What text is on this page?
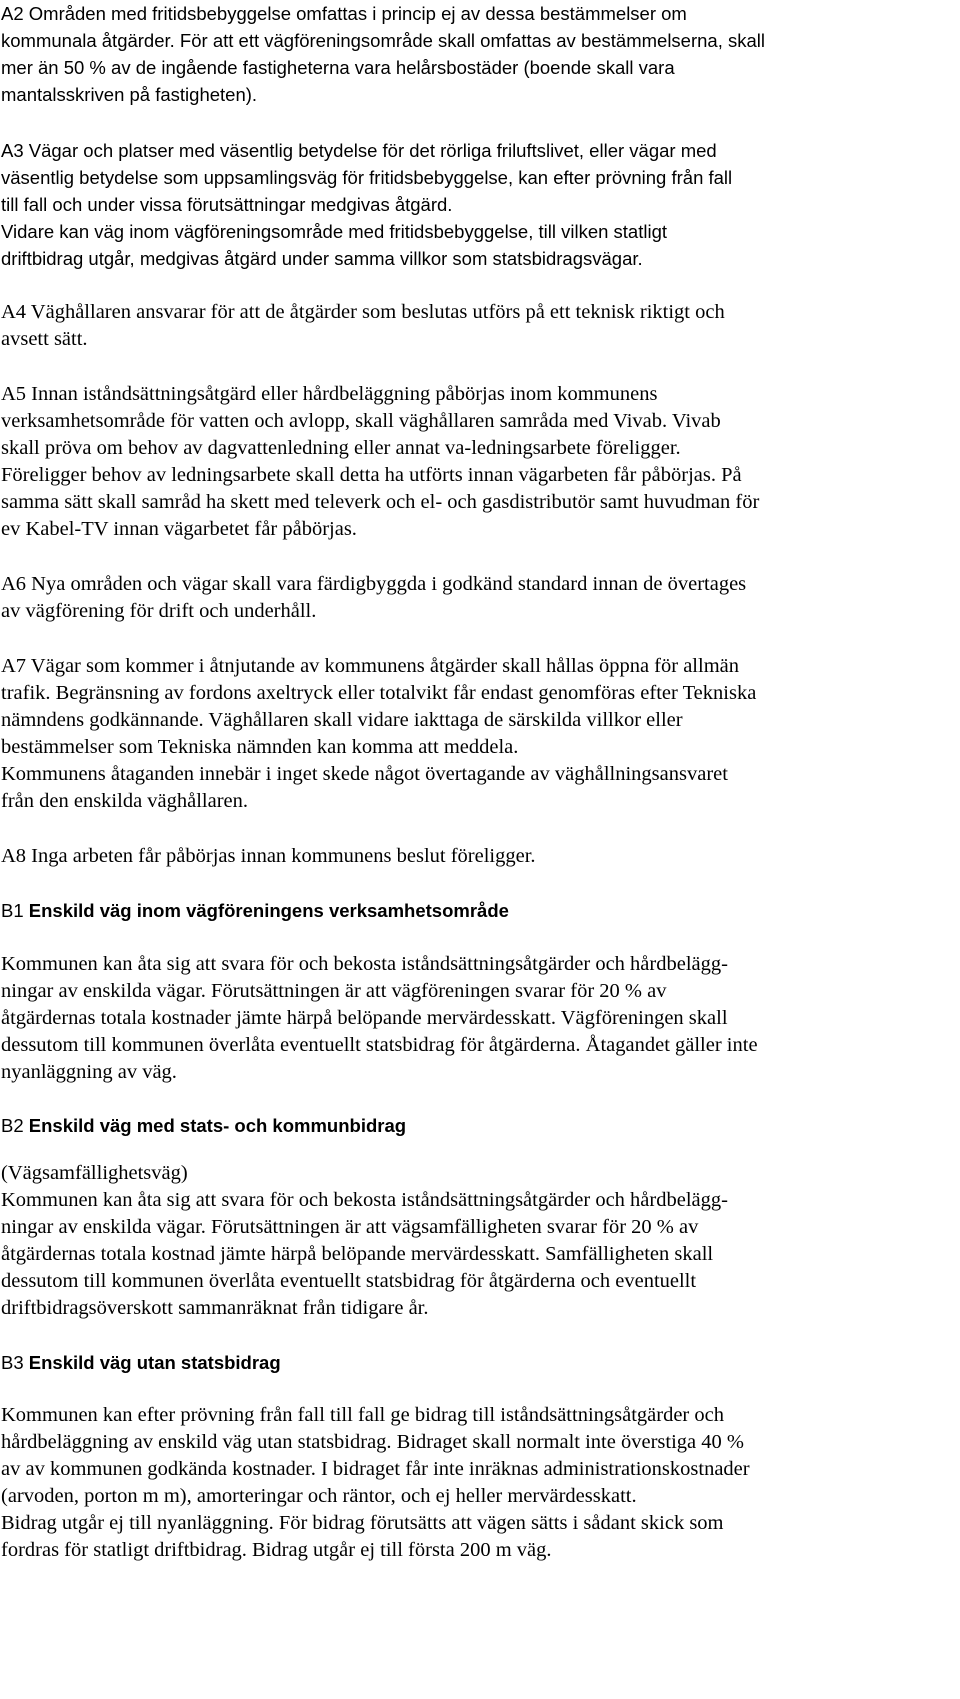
A2 Områden med fritidsbebyggelse omfattas i princip ej av dessa bestämmelser om
kommunala åtgärder. För att ett vägföreningsområde skall omfattas av bestämmelserna, skall
mer än 50 % av de ingående fastigheterna vara helårsbostäder (boende skall vara
mantalsskriven på fastigheten).
A3 Vägar och platser med väsentlig betydelse för det rörliga friluftslivet, eller vägar med
väsentlig betydelse som uppsamlingsväg för fritidsbebyggelse, kan efter prövning från fall
till fall och under vissa förutsättningar medgivas åtgärd.
Vidare kan väg inom vägföreningsområde med fritidsbebyggelse, till vilken statligt
driftbidrag utgår, medgivas åtgärd under samma villkor som statsbidragsvägar.
A4 Väghållaren ansvarar för att de åtgärder som beslutas utförs på ett teknisk riktigt och
avsett sätt.
A5 Innan iståndsättningsåtgärd eller hårdbeläggning påbörjas inom kommunens
verksamhetsområde för vatten och avlopp, skall väghållaren samråda med Vivab. Vivab
skall pröva om behov av dagvattenledning eller annat va-ledningsarbete föreligger.
Föreligger behov av ledningsarbete skall detta ha utförts innan vägarbeten får påbörjas. På
samma sätt skall samråd ha skett med televerk och el- och gasdistributör samt huvudman för
ev Kabel-TV innan vägarbetet får påbörjas.
A6 Nya områden och vägar skall vara färdigbyggda i godkänd standard innan de övertages
av vägförening för drift och underhåll.
A7 Vägar som kommer i åtnjutande av kommunens åtgärder skall hållas öppna för allmän
trafik. Begränsning av fordons axeltryck eller totalvikt får endast genomföras efter Tekniska
nämndens godkännande. Väghållaren skall vidare iakttaga de särskilda villkor eller
bestämmelser som Tekniska nämnden kan komma att meddela.
Kommunens åtaganden innebär i inget skede något övertagande av väghållningsansvaret
från den enskilda väghållaren.
A8 Inga arbeten får påbörjas innan kommunens beslut föreligger.
B1 Enskild väg inom vägföreningens verksamhetsområde
Kommunen kan åta sig att svara för och bekosta iståndsättningsåtgärder och hårdbelägg-
ningar av enskilda vägar. Förutsättningen är att vägföreningen svarar för 20 % av
åtgärdernas totala kostnader jämte härpå belöpande mervärdesskatt. Vägföreningen skall
dessutom till kommunen överlåta eventuellt statsbidrag för åtgärderna. Åtagandet gäller inte
nyanläggning av väg.
B2 Enskild väg med stats- och kommunbidrag
(Vägsamfällighetsväg)
Kommunen kan åta sig att svara för och bekosta iståndsättningsåtgärder och hårdbelägg-
ningar av enskilda vägar. Förutsättningen är att vägsamfälligheten svarar för 20 % av
åtgärdernas totala kostnad jämte härpå belöpande mervärdesskatt. Samfälligheten skall
dessutom till kommunen överlåta eventuellt statsbidrag för åtgärderna och eventuellt
driftbidragsöverskott sammanräknat från tidigare år.
B3 Enskild väg utan statsbidrag
Kommunen kan efter prövning från fall till fall ge bidrag till iståndsättningsåtgärder och
hårdbeläggning av enskild väg utan statsbidrag. Bidraget skall normalt inte överstiga 40 %
av av kommunen godkända kostnader. I bidraget får inte inräknas administrationskostnader
(arvoden, porton m m), amorteringar och räntor, och ej heller mervärdesskatt.
Bidrag utgår ej till nyanläggning. För bidrag förutsätts att vägen sätts i sådant skick som
fordras för statligt driftbidrag. Bidrag utgår ej till första 200 m väg.
